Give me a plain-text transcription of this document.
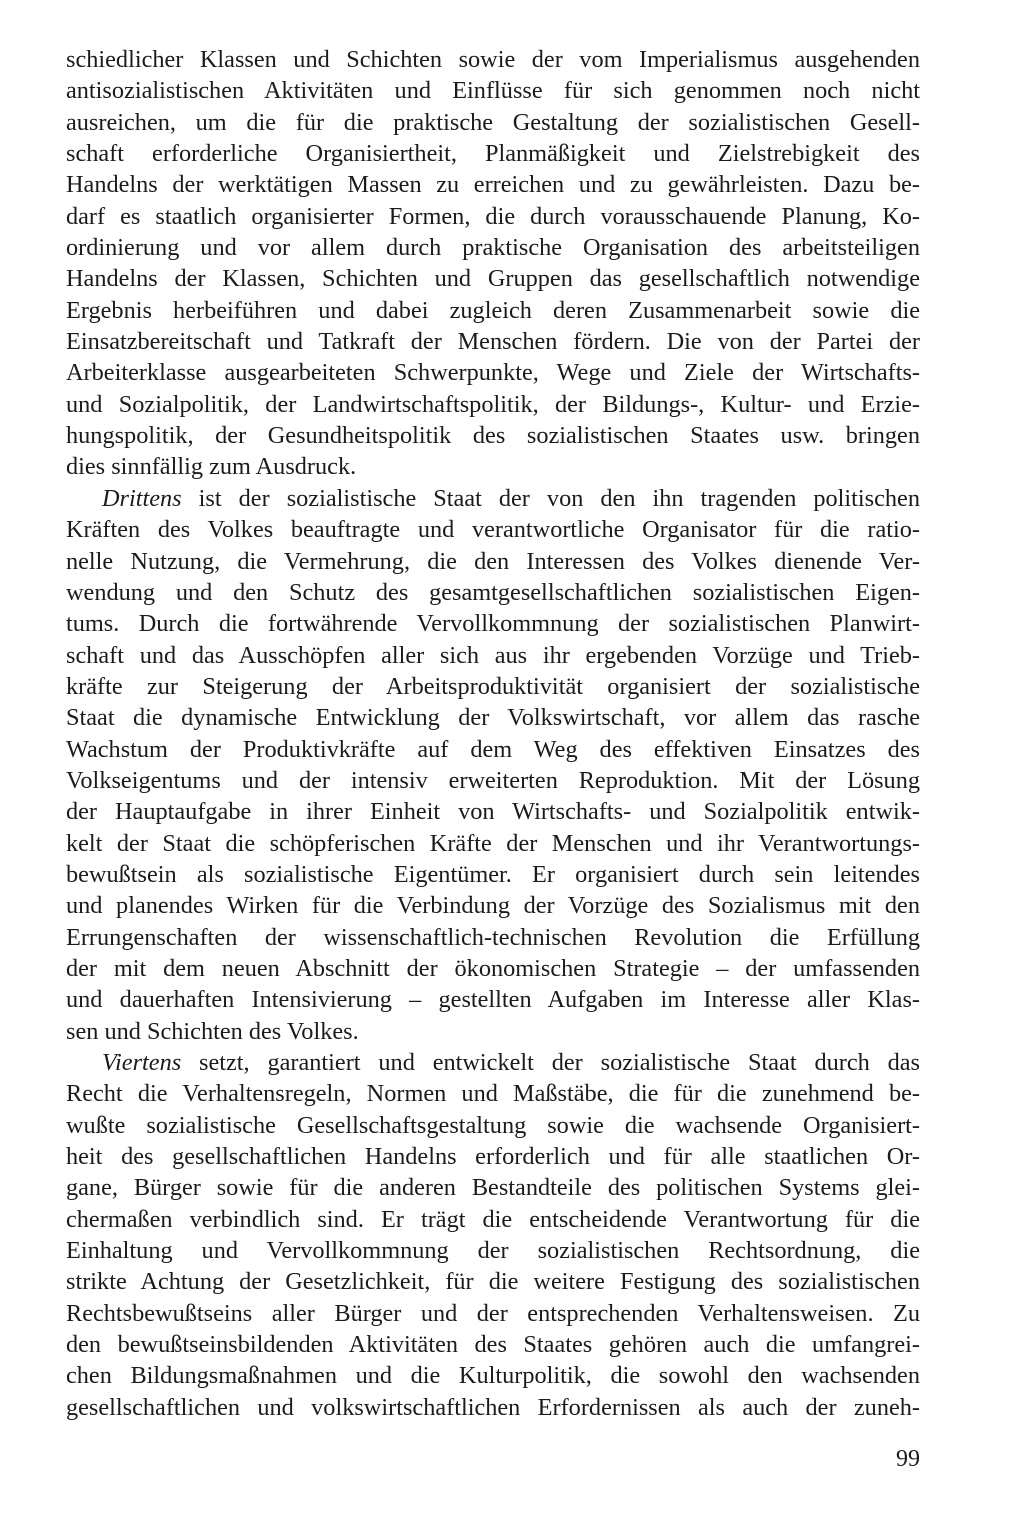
schiedlicher Klassen und Schichten sowie der vom Imperialismus ausgehenden
antisozialistischen Aktivitäten und Einflüsse für sich genommen noch nicht
ausreichen, um die für die praktische Gestaltung der sozialistischen Gesell-
schaft erforderliche Organisiertheit, Planmäßigkeit und Zielstrebigkeit des
Handelns der werktätigen Massen zu erreichen und zu gewährleisten. Dazu be-
darf es staatlich organisierter Formen, die durch vorausschauende Planung, Ko-
ordinierung und vor allem durch praktische Organisation des arbeitsteiligen
Handelns der Klassen, Schichten und Gruppen das gesellschaftlich notwendige
Ergebnis herbeiführen und dabei zugleich deren Zusammenarbeit sowie die
Einsatzbereitschaft und Tatkraft der Menschen fördern. Die von der Partei der
Arbeiterklasse ausgearbeiteten Schwerpunkte, Wege und Ziele der Wirtschafts-
und Sozialpolitik, der Landwirtschaftspolitik, der Bildungs-, Kultur- und Erzie-
hungspolitik, der Gesundheitspolitik des sozialistischen Staates usw. bringen
dies sinnfällig zum Ausdruck.
Drittens ist der sozialistische Staat der von den ihn tragenden politischen
Kräften des Volkes beauftragte und verantwortliche Organisator für die ratio-
nelle Nutzung, die Vermehrung, die den Interessen des Volkes dienende Ver-
wendung und den Schutz des gesamtgesellschaftlichen sozialistischen Eigen-
tums. Durch die fortwährende Vervollkommnung der sozialistischen Planwirt-
schaft und das Ausschöpfen aller sich aus ihr ergebenden Vorzüge und Trieb-
kräfte zur Steigerung der Arbeitsproduktivität organisiert der sozialistische
Staat die dynamische Entwicklung der Volkswirtschaft, vor allem das rasche
Wachstum der Produktivkräfte auf dem Weg des effektiven Einsatzes des
Volkseigentums und der intensiv erweiterten Reproduktion. Mit der Lösung
der Hauptaufgabe in ihrer Einheit von Wirtschafts- und Sozialpolitik entwik-
kelt der Staat die schöpferischen Kräfte der Menschen und ihr Verantwortungs-
bewußtsein als sozialistische Eigentümer. Er organisiert durch sein leitendes
und planendes Wirken für die Verbindung der Vorzüge des Sozialismus mit den
Errungenschaften der wissenschaftlich-technischen Revolution die Erfüllung
der mit dem neuen Abschnitt der ökonomischen Strategie – der umfassenden
und dauerhaften Intensivierung – gestellten Aufgaben im Interesse aller Klas-
sen und Schichten des Volkes.
Viertens setzt, garantiert und entwickelt der sozialistische Staat durch das
Recht die Verhaltensregeln, Normen und Maßstäbe, die für die zunehmend be-
wußte sozialistische Gesellschaftsgestaltung sowie die wachsende Organisiert-
heit des gesellschaftlichen Handelns erforderlich und für alle staatlichen Or-
gane, Bürger sowie für die anderen Bestandteile des politischen Systems glei-
chermaßen verbindlich sind. Er trägt die entscheidende Verantwortung für die
Einhaltung und Vervollkommnung der sozialistischen Rechtsordnung, die
strikte Achtung der Gesetzlichkeit, für die weitere Festigung des sozialistischen
Rechtsbewußtseins aller Bürger und der entsprechenden Verhaltensweisen. Zu
den bewußtseinsbildenden Aktivitäten des Staates gehören auch die umfangrei-
chen Bildungsmaßnahmen und die Kulturpolitik, die sowohl den wachsenden
gesellschaftlichen und volkswirtschaftlichen Erfordernissen als auch der zuneh-
99
